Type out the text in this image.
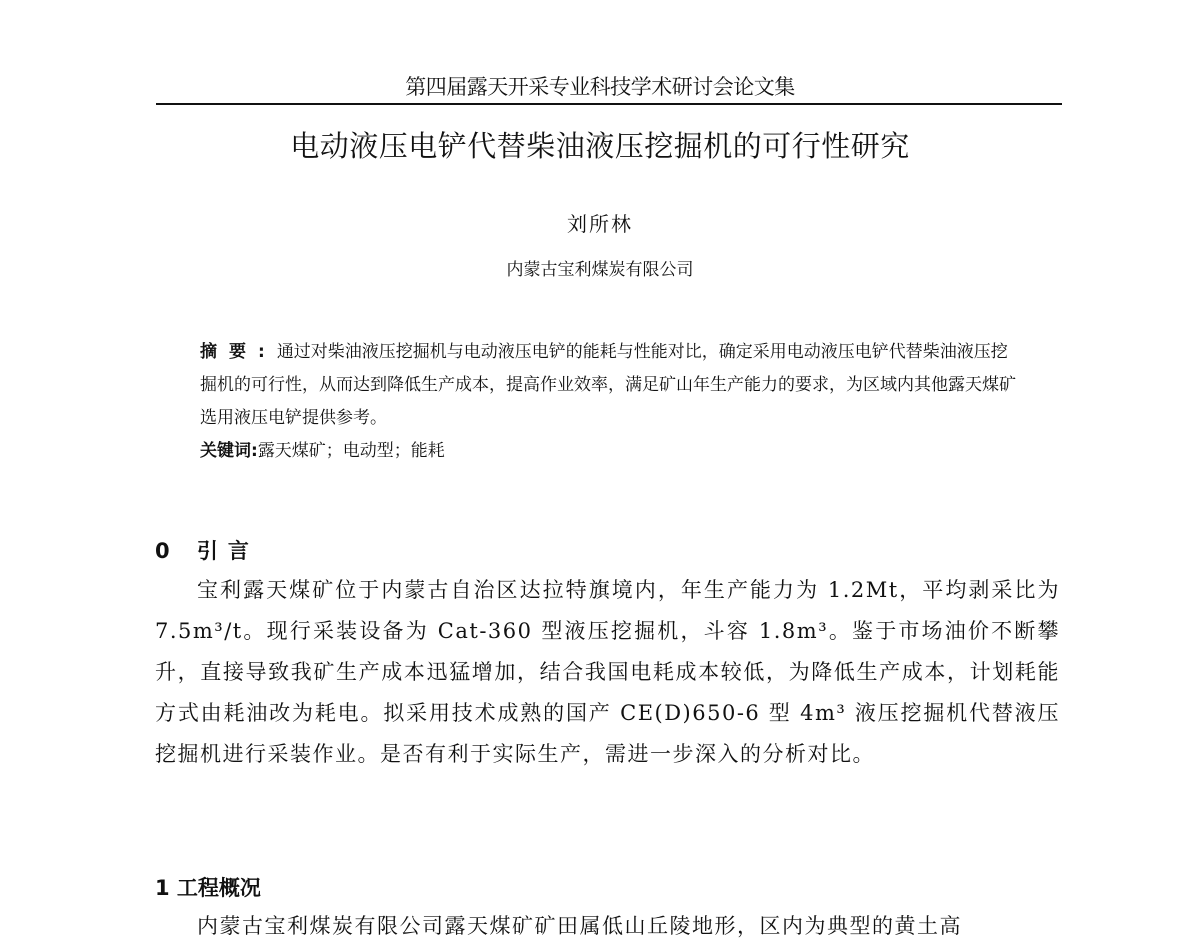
第四届露天开采专业科技学术研讨会论文集
电动液压电铲代替柴油液压挖掘机的可行性研究
刘所林
内蒙古宝利煤炭有限公司

摘要:通过对柴油液压挖掘机与电动液压电铲的能耗与性能对比，确定采用电动液压电铲代替柴油液压挖掘机的可行性，从而达到降低生产成本，提高作业效率，满足矿山年生产能力的要求，为区域内其他露天煤矿选用液压电铲提供参考。

关键词:露天煤矿；电动型；能耗

0 引言

宝利露天煤矿位于内蒙古自治区达拉特旗境内，年生产能力为 1.2Mt，平均剥采比为 7.5m³/t。现行采装设备为 Cat-360 型液压挖掘机，斗容 1.8m³。鉴于市场油价不断攀升，直接导致我矿生产成本迅猛增加，结合我国电耗成本较低，为降低生产成本，计划耗能方式由耗油改为耗电。拟采用技术成熟的国产 CE(D)650-6 型 4m³ 液压挖掘机代替液压挖掘机进行采装作业。是否有利于实际生产，需进一步深入的分析对比。

1 工程概况

内蒙古宝利煤炭有限公司露天煤矿矿田属低山丘陵地形，区内为典型的黄土高
